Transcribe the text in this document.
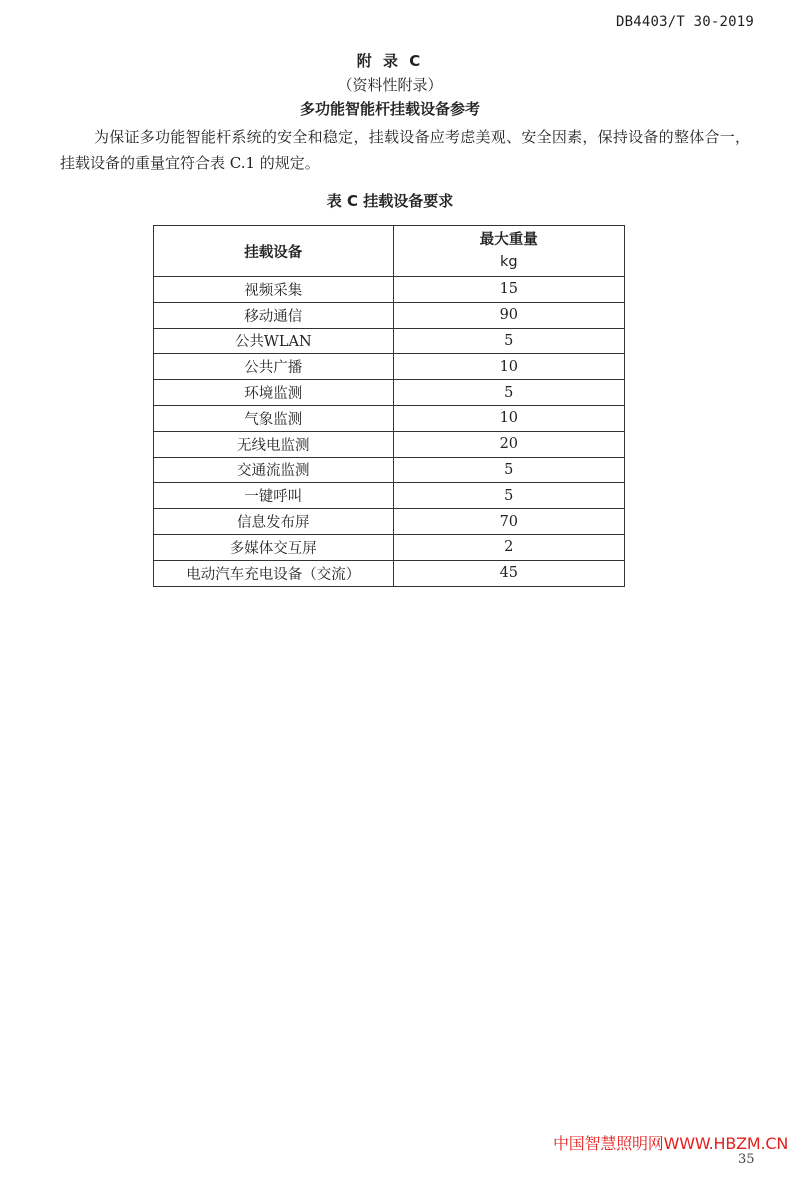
DB4403/T 30-2019
附 录 C
（资料性附录）
多功能智能杆挂载设备参考
为保证多功能智能杆系统的安全和稳定，挂载设备应考虑美观、安全因素，保持设备的整体合一，挂载设备的重量宜符合表 C.1 的规定。
表 C 挂载设备要求
挂载设备	最大重量
kg

视频采集	15
移动通信	90
公共WLAN	5
公共广播	10
环境监测	5
气象监测	10
无线电监测	20
交通流监测	5
一键呼叫	5
信息发布屏	70
多媒体交互屏	2
电动汽车充电设备（交流）	45
中国智慧照明网WWW.HBZM.CN
35
